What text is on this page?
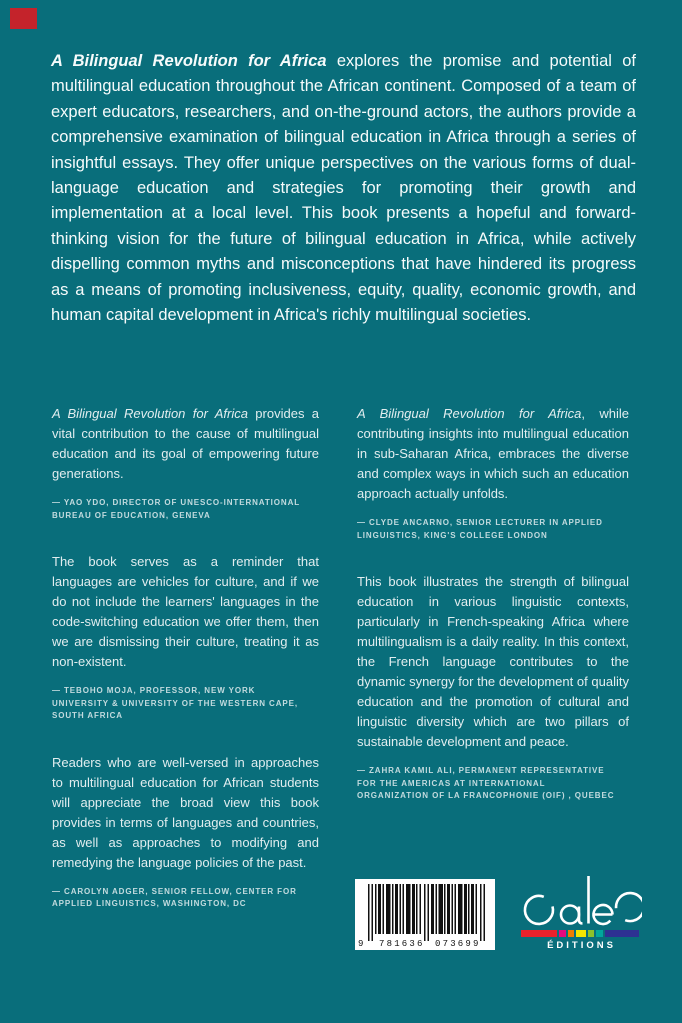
A Bilingual Revolution for Africa explores the promise and potential of multilingual education throughout the African continent. Composed of a team of expert educators, researchers, and on-the-ground actors, the authors provide a comprehensive examination of bilingual education in Africa through a series of insightful essays. They offer unique perspectives on the various forms of dual-language education and strategies for promoting their growth and implementation at a local level. This book presents a hopeful and forward-thinking vision for the future of bilingual education in Africa, while actively dispelling common myths and misconceptions that have hindered its progress as a means of promoting inclusiveness, equity, quality, economic growth, and human capital development in Africa's richly multilingual societies.

A Bilingual Revolution for Africa provides a vital contribution to the cause of multilingual education and its goal of empowering future generations.

— YAO YDO, DIRECTOR OF UNESCO-INTERNATIONAL
BUREAU OF EDUCATION, GENEVA

The book serves as a reminder that languages are vehicles for culture, and if we do not include the learners' languages in the code-switching education we offer them, then we are dismissing their culture, treating it as non-existent.

— TEBOHO MOJA, PROFESSOR, NEW YORK
UNIVERSITY & UNIVERSITY OF THE WESTERN CAPE,
SOUTH AFRICA

Readers who are well-versed in approaches to multilingual education for African students will appreciate the broad view this book provides in terms of languages and countries, as well as approaches to modifying and remedying the language policies of the past.

— CAROLYN ADGER, SENIOR FELLOW, CENTER FOR
APPLIED LINGUISTICS, WASHINGTON, DC

A Bilingual Revolution for Africa, while contributing insights into multilingual education in sub-Saharan Africa, embraces the diverse and complex ways in which such an education approach actually unfolds.

— CLYDE ANCARNO, SENIOR LECTURER IN APPLIED
LINGUISTICS, KING'S COLLEGE LONDON

This book illustrates the strength of bilingual education in various linguistic contexts, particularly in French-speaking Africa where multilingualism is a daily reality. In this context, the French language contributes to the dynamic synergy for the development of quality education and the promotion of cultural and linguistic diversity which are two pillars of sustainable development and peace.

— ZAHRA KAMIL ALI, PERMANENT REPRESENTATIVE
FOR THE AMERICAS AT INTERNATIONAL
ORGANIZATION OF LA FRANCOPHONIE (OIF) , QUEBEC
9 781636 073699	ÉDITIONS
